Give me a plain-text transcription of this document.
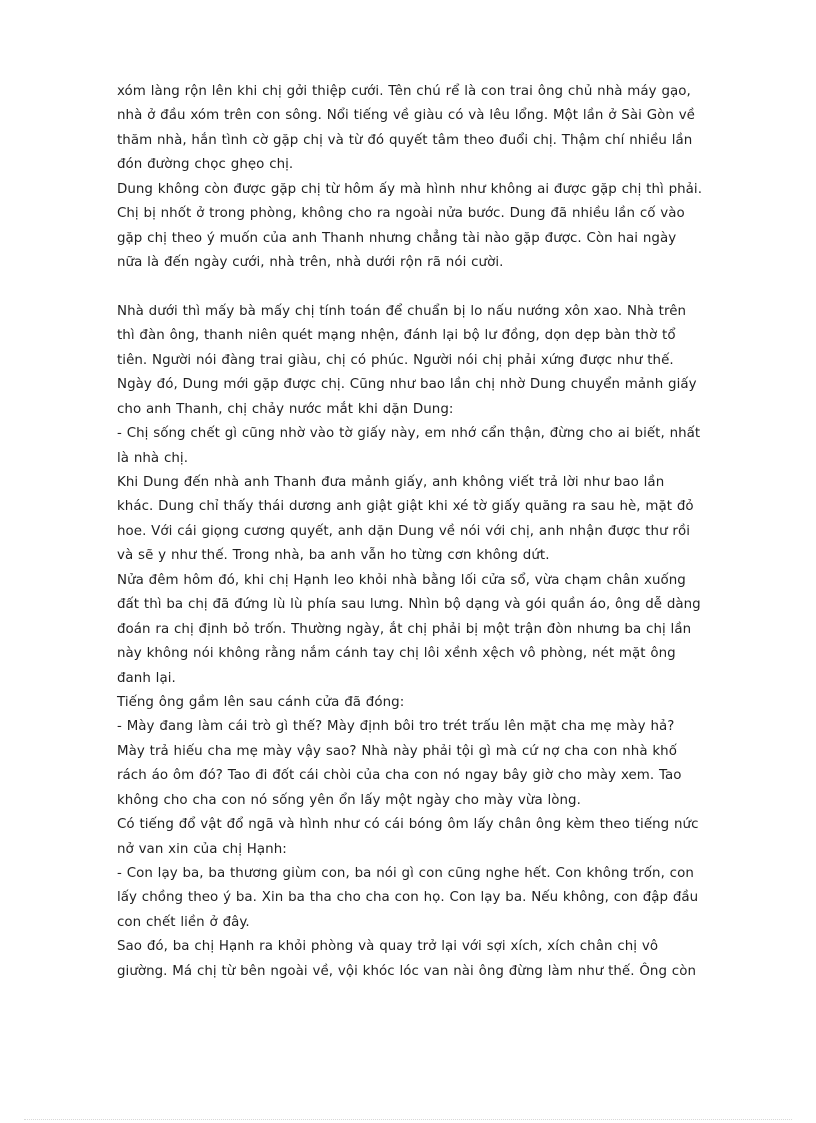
xóm làng rộn lên khi chị gởi thiệp cưới. Tên chú rể là con trai ông chủ nhà máy gạo,
nhà ở đầu xóm trên con sông. Nổi tiếng về giàu có và lêu lổng. Một lần ở Sài Gòn về
thăm nhà, hắn tình cờ gặp chị và từ đó quyết tâm theo đuổi chị. Thậm chí nhiều lần
đón đường chọc ghẹo chị.
Dung không còn được gặp chị từ hôm ấy mà hình như không ai được gặp chị thì phải.
Chị bị nhốt ở trong phòng, không cho ra ngoài nửa bước. Dung đã nhiều lần cố vào
gặp chị theo ý muốn của anh Thanh nhưng chẳng tài nào gặp được. Còn hai ngày
nữa là đến ngày cưới, nhà trên, nhà dưới rộn rã nói cười.
Nhà dưới thì mấy bà mấy chị tính toán để chuẩn bị lo nấu nướng xôn xao. Nhà trên
thì đàn ông, thanh niên quét mạng nhện, đánh lại bộ lư đồng, dọn dẹp bàn thờ tổ
tiên. Người nói đàng trai giàu, chị có phúc. Người nói chị phải xứng được như thế.
Ngày đó, Dung mới gặp được chị. Cũng như bao lần chị nhờ Dung chuyển mảnh giấy
cho anh Thanh, chị chảy nước mắt khi dặn Dung:
- Chị sống chết gì cũng nhờ vào tờ giấy này, em nhớ cẩn thận, đừng cho ai biết, nhất
là nhà chị.
Khi Dung đến nhà anh Thanh đưa mảnh giấy, anh không viết trả lời như bao lần
khác. Dung chỉ thấy thái dương anh giật giật khi xé tờ giấy quăng ra sau hè, mặt đỏ
hoe. Với cái giọng cương quyết, anh dặn Dung về nói với chị, anh nhận được thư rồi
và sẽ y như thế. Trong nhà, ba anh vẫn ho từng cơn không dứt.
Nửa đêm hôm đó, khi chị Hạnh leo khỏi nhà bằng lối cửa sổ, vừa chạm chân xuống
đất thì ba chị đã đứng lù lù phía sau lưng. Nhìn bộ dạng và gói quần áo, ông dễ dàng
đoán ra chị định bỏ trốn. Thường ngày, ắt chị phải bị một trận đòn nhưng ba chị lần
này không nói không rằng nắm cánh tay chị lôi xềnh xệch vô phòng, nét mặt ông
đanh lại.
Tiếng ông gầm lên sau cánh cửa đã đóng:
- Mày đang làm cái trò gì thế? Mày định bôi tro trét trấu lên mặt cha mẹ mày hả?
Mày trả hiếu cha mẹ mày vậy sao? Nhà này phải tội gì mà cứ nợ cha con nhà khố
rách áo ôm đó? Tao đi đốt cái chòi của cha con nó ngay bây giờ cho mày xem. Tao
không cho cha con nó sống yên ổn lấy một ngày cho mày vừa lòng.
Có tiếng đổ vật đổ ngã và hình như có cái bóng ôm lấy chân ông kèm theo tiếng nức
nở van xin của chị Hạnh:
- Con lạy ba, ba thương giùm con, ba nói gì con cũng nghe hết. Con không trốn, con
lấy chồng theo ý ba. Xin ba tha cho cha con họ. Con lạy ba. Nếu không, con đập đầu
con chết liền ở đây.
Sao đó, ba chị Hạnh ra khỏi phòng và quay trở lại với sợi xích, xích chân chị vô
giường. Má chị từ bên ngoài về, vội khóc lóc van nài ông đừng làm như thế. Ông còn
